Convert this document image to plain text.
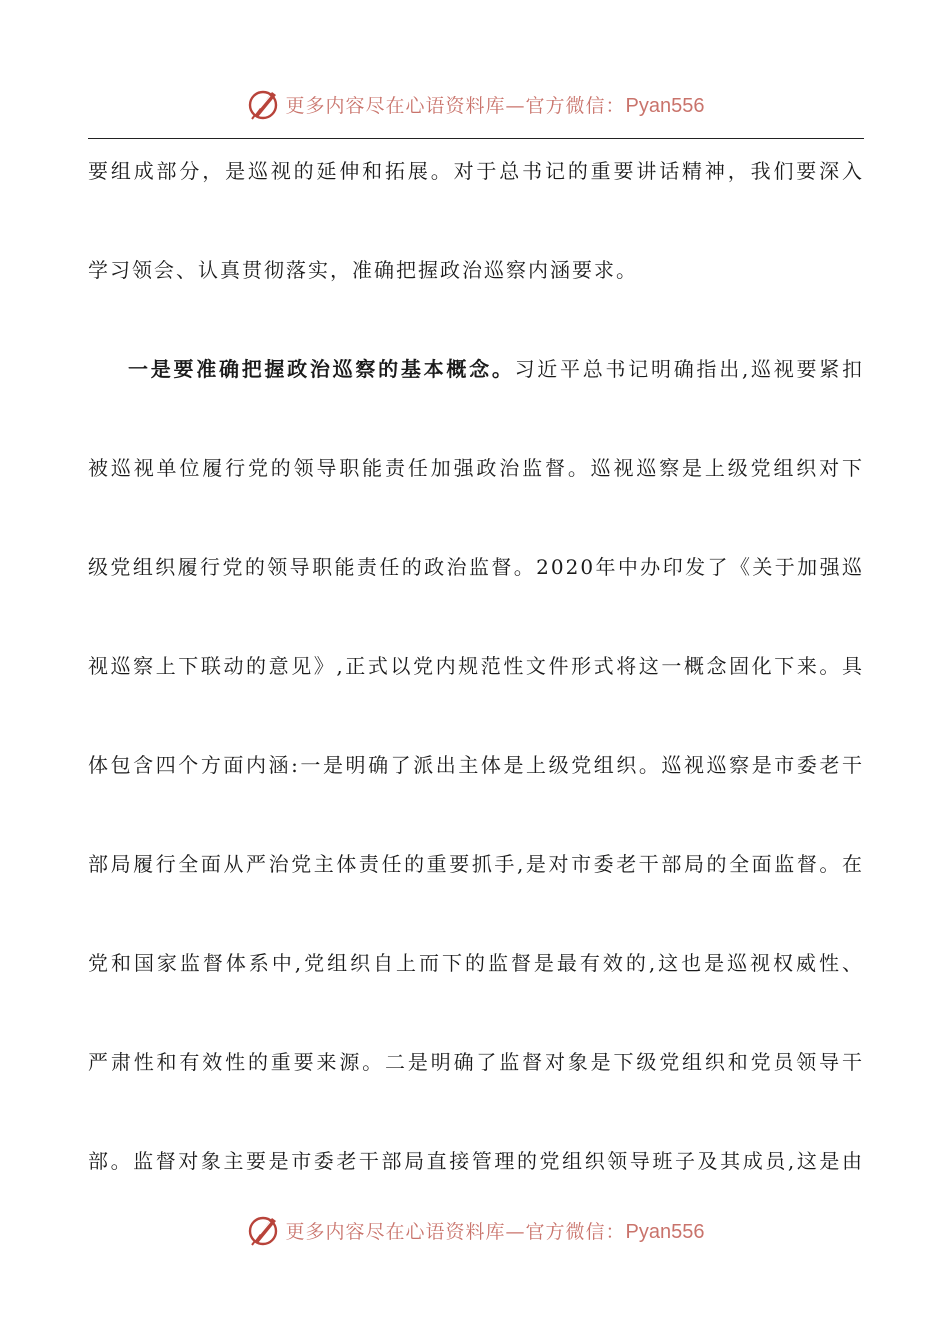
更多内容尽在心语资料库—官方微信：Pyan556
要组成部分，是巡视的延伸和拓展。对于总书记的重要讲话精神，我们要深入
学习领会、认真贯彻落实，准确把握政治巡察内涵要求。
一是要准确把握政治巡察的基本概念。习近平总书记明确指出,巡视要紧扣
被巡视单位履行党的领导职能责任加强政治监督。巡视巡察是上级党组织对下
级党组织履行党的领导职能责任的政治监督。2020年中办印发了《关于加强巡
视巡察上下联动的意见》,正式以党内规范性文件形式将这一概念固化下来。具
体包含四个方面内涵:一是明确了派出主体是上级党组织。巡视巡察是市委老干
部局履行全面从严治党主体责任的重要抓手,是对市委老干部局的全面监督。在
党和国家监督体系中,党组织自上而下的监督是最有效的,这也是巡视权威性、
严肃性和有效性的重要来源。二是明确了监督对象是下级党组织和党员领导干
部。监督对象主要是市委老干部局直接管理的党组织领导班子及其成员,这是由
更多内容尽在心语资料库—官方微信：Pyan556
